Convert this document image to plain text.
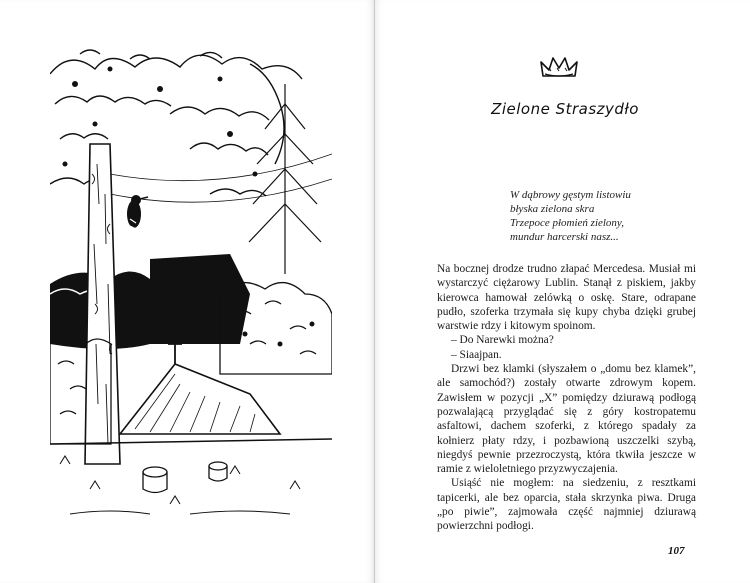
Zielone Straszydło
W dąbrowy gęstym listowiu
błyska zielona skra
Trzepoce płomień zielony,
mundur harcerski nasz...

Na bocznej drodze trudno złapać Mercedesa. Musiał mi wystarczyć ciężarowy Lublin. Stanął z piskiem, jakby kierowca hamował zelówką o oskę. Stare, odrapane pudło, szoferka trzymała się kupy chyba dzięki grubej warstwie rdzy i kitowym spoinom.

– Do Narewki można?

– Siaajpan.

Drzwi bez klamki (słyszałem o „domu bez klamek”, ale samochód?) zostały otwarte zdrowym kopem. Zawisłem w pozycji „X” pomiędzy dziurawą podłogą pozwalającą przyglądać się z góry kostropatemu asfaltowi, dachem szoferki, z którego spadały za kołnierz płaty rdzy, i pozbawioną uszczelki szybą, niegdyś pewnie przezroczystą, która tkwiła jeszcze w ramie z wieloletniego przyzwyczajenia.

Usiąść nie mogłem: na siedzeniu, z resztkami tapicerki, ale bez oparcia, stała skrzynka piwa. Druga „po piwie”, zajmowała część najmniej dziurawą powierzchni podłogi.

107
